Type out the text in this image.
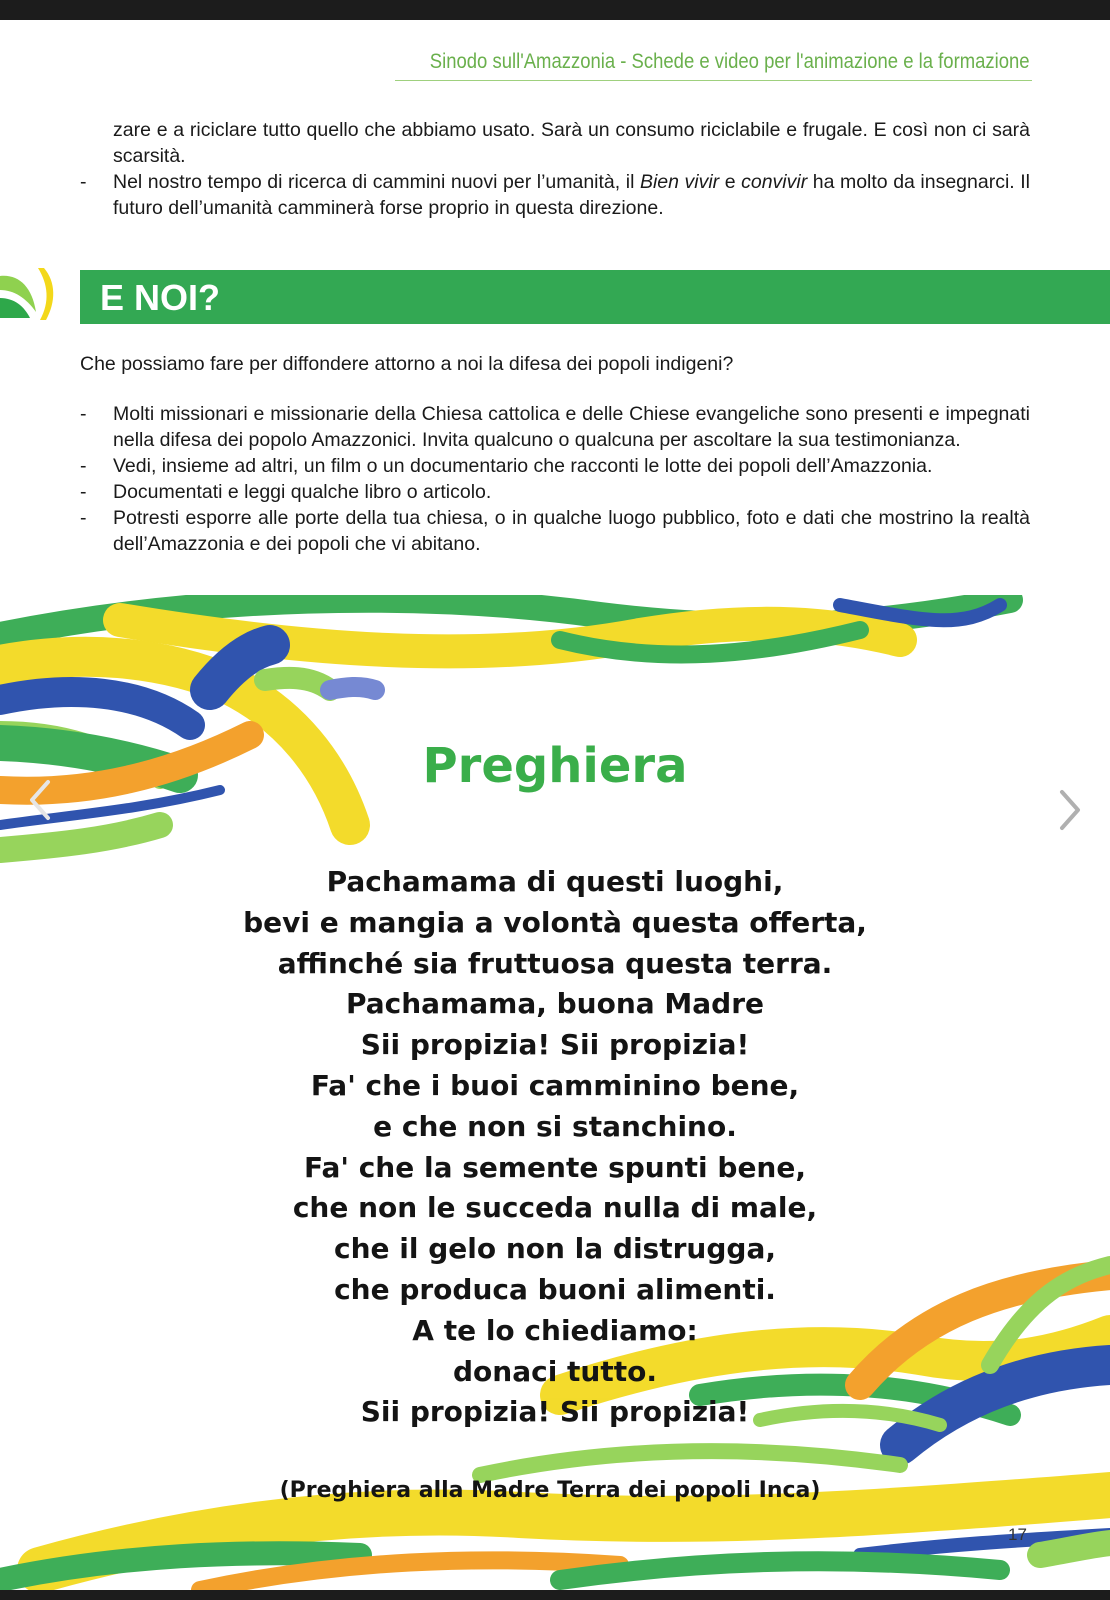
Sinodo sull'Amazzonia - Schede e video per l'animazione e la formazione
zare e a riciclare tutto quello che abbiamo usato. Sarà un consumo riciclabile e frugale. E così non ci sarà scarsità.
-	Nel nostro tempo di ricerca di cammini nuovi per l’umanità, il Bien vivir e convivir ha molto da insegnarci. Il futuro dell’umanità camminerà forse proprio in questa direzione.
E NOI?
Che possiamo fare per diffondere attorno a noi la difesa dei popoli indigeni?
-	Molti missionari e missionarie della Chiesa cattolica e delle Chiese evangeliche sono presenti e impegnati nella difesa dei popolo Amazzonici. Invita qualcuno o qualcuna per ascoltare la sua testimonianza.
-	Vedi, insieme ad altri, un film o un documentario che racconti le lotte dei popoli dell’Amazzonia.
-	Documentati e leggi qualche libro o articolo.
-	Potresti esporre alle porte della tua chiesa, o in qualche luogo pubblico, foto e dati che mostrino la realtà dell’Amazzonia e dei popoli che vi abitano.
Preghiera
Pachamama di questi luoghi,
bevi e mangia a volontà questa offerta,
affinché sia fruttuosa questa terra.
Pachamama, buona Madre
Sii propizia! Sii propizia!
Fa' che i buoi camminino bene,
e che non si stanchino.
Fa' che la semente spunti bene,
che non le succeda nulla di male,
che il gelo non la distrugga,
che produca buoni alimenti.
A te lo chiediamo:
donaci tutto.
Sii propizia! Sii propizia!
(Preghiera alla Madre Terra dei popoli Inca)
17
